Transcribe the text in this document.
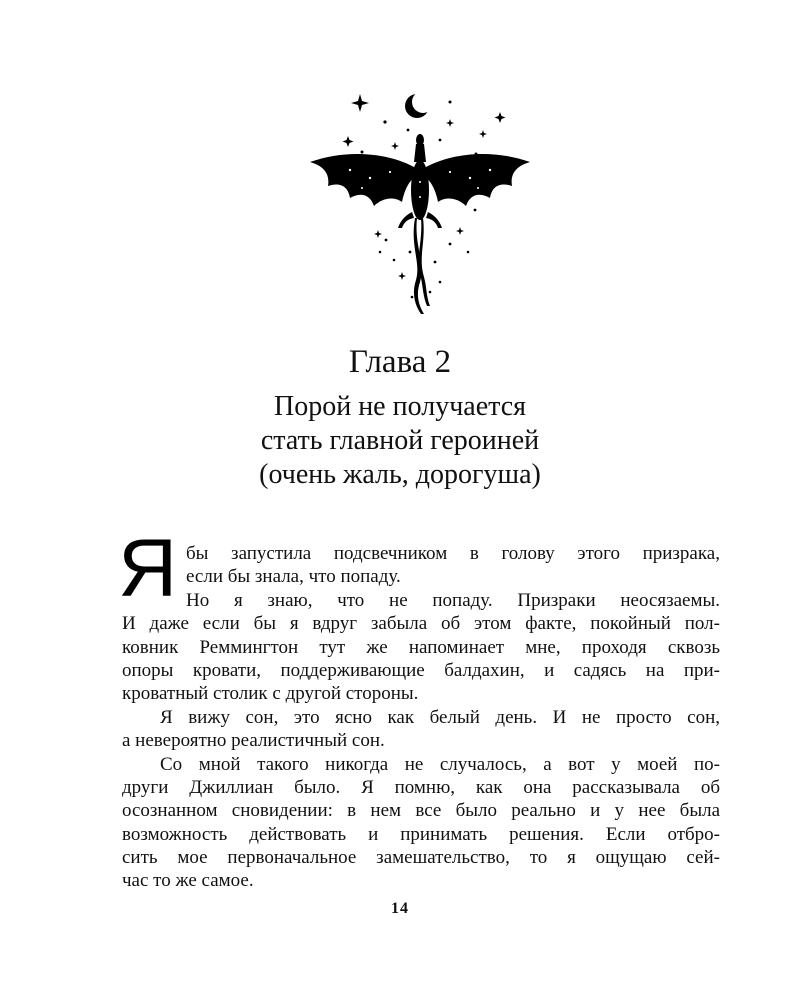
Глава 2
Порой не получается
стать главной героиней
(очень жаль, дорогуша)
Я бы запустила подсвечником в голову этого призрака,
если бы знала, что попаду.
Но я знаю, что не попаду. Призраки неосязаемы.
И даже если бы я вдруг забыла об этом факте, покойный пол-
ковник Реммингтон тут же напоминает мне, проходя сквозь
опоры кровати, поддерживающие балдахин, и садясь на при-
кроватный столик с другой стороны.
Я вижу сон, это ясно как белый день. И не просто сон,
а невероятно реалистичный сон.
Со мной такого никогда не случалось, а вот у моей по-
други Джиллиан было. Я помню, как она рассказывала об
осознанном сновидении: в нем все было реально и у нее была
возможность действовать и принимать решения. Если отбро-
сить мое первоначальное замешательство, то я ощущаю сей-
час то же самое.
14
